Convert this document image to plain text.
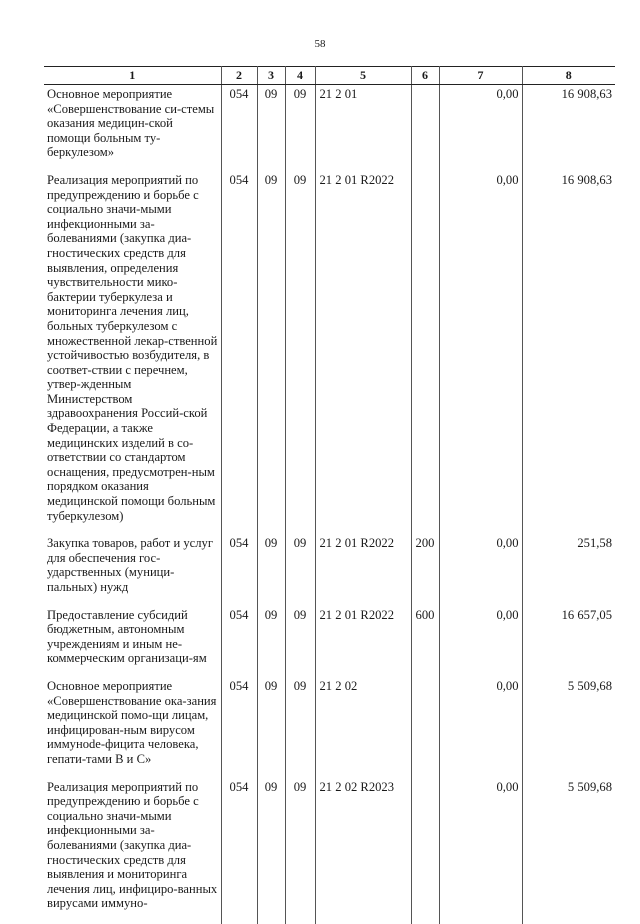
58
1	2	3	4	5	6	7	8
Основное мероприятие «Совершенствование си-стемы оказания медицин-ской помощи больным ту-беркулезом»	054	09	09	21 2 01		0,00	16 908,63
Реализация мероприятий по предупреждению и борьбе с социально значи-мыми инфекционными за-болеваниями (закупка диа-гностических средств для выявления, определения чувствительности мико-бактерии туберкулеза и мониторинга лечения лиц, больных туберкулезом с множественной лекар-ственной устойчивостью возбудителя, в соответ-ствии с перечнем, утвер-жденным Министерством здравоохранения Россий-ской Федерации, а также медицинских изделий в со-ответствии со стандартом оснащения, предусмотрен-ным порядком оказания медицинской помощи больным туберкулезом)	054	09	09	21 2 01 R2022		0,00	16 908,63
Закупка товаров, работ и услуг для обеспечения гос-ударственных (муници-пальных) нужд	054	09	09	21 2 01 R2022	200	0,00	251,58
Предоставление субсидий бюджетным, автономным учреждениям и иным не-коммерческим организаци-ям	054	09	09	21 2 01 R2022	600	0,00	16 657,05
Основное мероприятие «Совершенствование ока-зания медицинской помо-щи лицам, инфицирован-ным вирусом иммунode-фицита человека, гепати-тами В и С»	054	09	09	21 2 02		0,00	5 509,68
Реализация мероприятий по предупреждению и борьбе с социально значи-мыми инфекционными за-болеваниями (закупка диа-гностических средств для выявления и мониторинга лечения лиц, инфициро-ванных вирусами иммуно-	054	09	09	21 2 02 R2023		0,00	5 509,68
